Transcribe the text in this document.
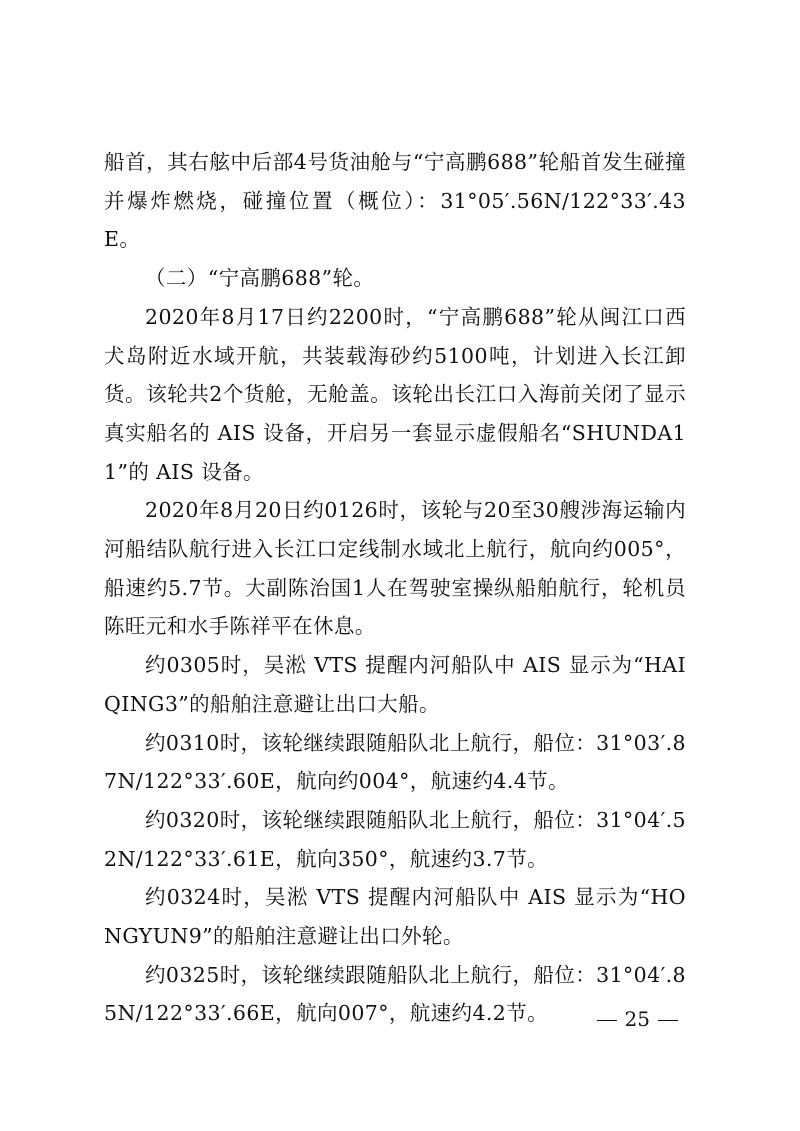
船首，其右舷中后部4号货油舱与“宁高鹏688”轮船首发生碰撞并爆炸燃烧，碰撞位置（概位）：31°05′.56N/122°33′.43E。

（二）“宁高鹏688”轮。

2020年8月17日约2200时，“宁高鹏688”轮从闽江口西犬岛附近水域开航，共装载海砂约5100吨，计划进入长江卸货。该轮共2个货舱，无舱盖。该轮出长江口入海前关闭了显示真实船名的 AIS 设备，开启另一套显示虚假船名“SHUNDA11”的 AIS 设备。

2020年8月20日约0126时，该轮与20至30艘涉海运输内河船结队航行进入长江口定线制水域北上航行，航向约005°，船速约5.7节。大副陈治国1人在驾驶室操纵船舶航行，轮机员陈旺元和水手陈祥平在休息。

约0305时，吴淞 VTS 提醒内河船队中 AIS 显示为“HAIQING3”的船舶注意避让出口大船。

约0310时，该轮继续跟随船队北上航行，船位：31°03′.87N/122°33′.60E，航向约004°，航速约4.4节。

约0320时，该轮继续跟随船队北上航行，船位：31°04′.52N/122°33′.61E，航向350°，航速约3.7节。

约0324时，吴淞 VTS 提醒内河船队中 AIS 显示为“HONGYUN9”的船舶注意避让出口外轮。

约0325时，该轮继续跟随船队北上航行，船位：31°04′.85N/122°33′.66E，航向007°，航速约4.2节。	25
